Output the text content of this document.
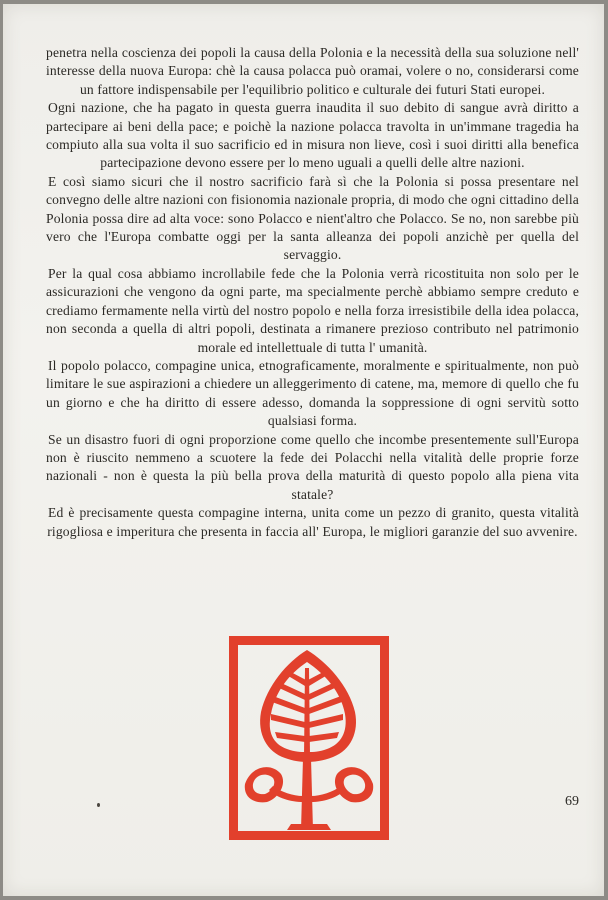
penetra nella coscienza dei popoli la causa della Polonia e la necessità della sua soluzione nell' interesse della nuova Europa: chè la causa polacca può oramai, volere o no, considerarsi come un fattore indispensabile per l'equilibrio politico e culturale dei futuri Stati europei.

Ogni nazione, che ha pagato in questa guerra inaudita il suo debito di sangue avrà diritto a partecipare ai beni della pace; e poichè la nazione polacca travolta in un'immane tragedia ha compiuto alla sua volta il suo sacrificio ed in misura non lieve, così i suoi diritti alla benefica partecipazione devono essere per lo meno uguali a quelli delle altre nazioni.

E così siamo sicuri che il nostro sacrificio farà sì che la Polonia si possa presentare nel convegno delle altre nazioni con fisionomia nazionale propria, di modo che ogni cittadino della Polonia possa dire ad alta voce: sono Polacco e nient'altro che Polacco. Se no, non sarebbe più vero che l'Europa combatte oggi per la santa alleanza dei popoli anzichè per quella del servaggio.

Per la qual cosa abbiamo incrollabile fede che la Polonia verrà ricostituita non solo per le assicurazioni che vengono da ogni parte, ma specialmente perchè abbiamo sempre creduto e crediamo fermamente nella virtù del nostro popolo e nella forza irresistibile della idea polacca, non seconda a quella di altri popoli, destinata a rimanere prezioso contributo nel patrimonio morale ed intellettuale di tutta l' umanità.

Il popolo polacco, compagine unica, etnograficamente, moralmente e spiritualmente, non può limitare le sue aspirazioni a chiedere un alleggerimento di catene, ma, memore di quello che fu un giorno e che ha diritto di essere adesso, domanda la soppressione di ogni servitù sotto qualsiasi forma.

Se un disastro fuori di ogni proporzione come quello che incombe presentemente sull'Europa non è riuscito nemmeno a scuotere la fede dei Polacchi nella vitalità delle proprie forze nazionali - non è questa la più bella prova della maturità di questo popolo alla piena vita statale?

Ed è precisamente questa compagine interna, unita come un pezzo di granito, questa vitalità rigogliosa e imperitura che presenta in faccia all' Europa, le migliori garanzie del suo avvenire.

69
